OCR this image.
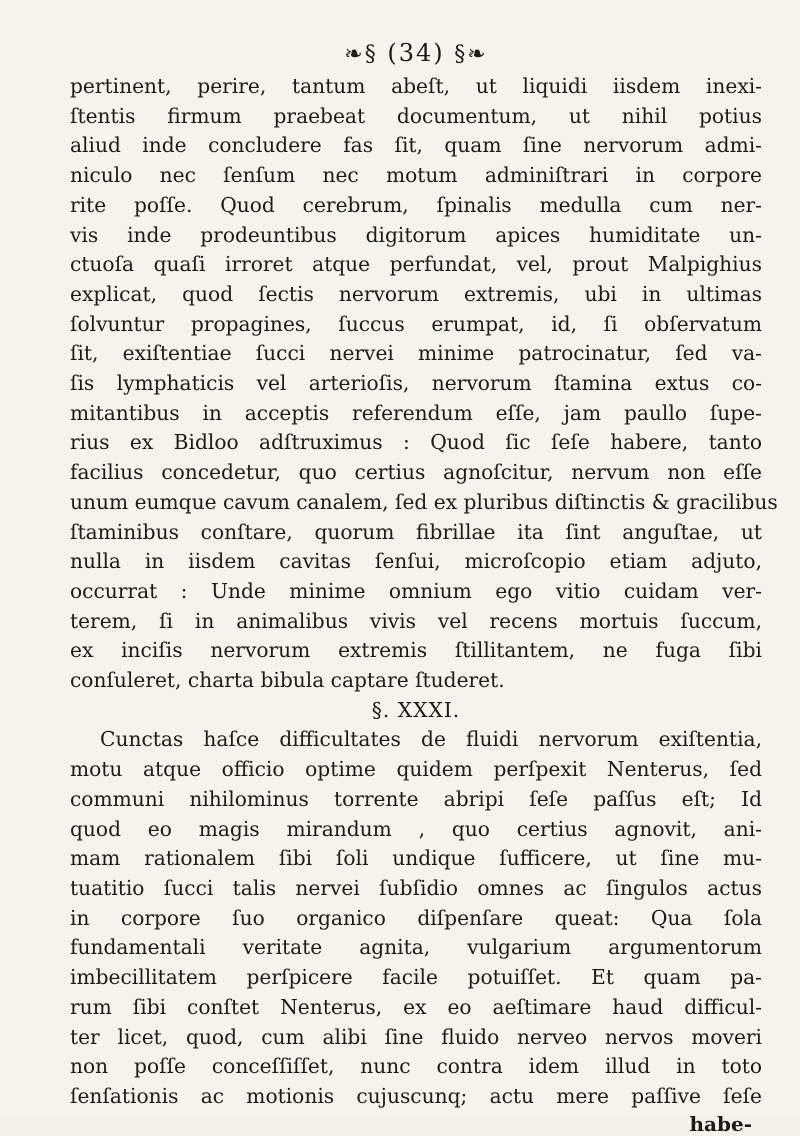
❧§ (34) §❧
pertinent, perire, tantum abeſt, ut liquidi iisdem inexi-
ſtentis firmum praebeat documentum, ut nihil potius
aliud inde concludere fas ſit, quam ſine nervorum admi-
niculo nec ſenſum nec motum adminiſtrari in corpore
rite poſſe. Quod cerebrum, ſpinalis medulla cum ner-
vis inde prodeuntibus digitorum apices humiditate un-
ctuoſa quaſi irroret atque perfundat, vel, prout Malpighius
explicat, quod ſectis nervorum extremis, ubi in ultimas
ſolvuntur propagines, ſuccus erumpat, id, ſi obſervatum
ſit, exiſtentiae ſucci nervei minime patrocinatur, ſed va-
ſis lymphaticis vel arterioſis, nervorum ſtamina extus co-
mitantibus in acceptis referendum eſſe, jam paullo ſupe-
rius ex Bidloo adſtruximus : Quod ſic ſeſe habere, tanto
facilius concedetur, quo certius agnoſcitur, nervum non eſſe
unum eumque cavum canalem, ſed ex pluribus diſtinctis & gracilibus
ſtaminibus conſtare, quorum fibrillae ita ſint anguſtae, ut
nulla in iisdem cavitas ſenſui, microſcopio etiam adjuto,
occurrat : Unde minime omnium ego vitio cuidam ver-
terem, ſi in animalibus vivis vel recens mortuis ſuccum,
ex inciſis nervorum extremis ſtillitantem, ne fuga ſibi
conſuleret, charta bibula captare ſtuderet.
§. XXXI.
Cunctas haſce difficultates de fluidi nervorum exiſtentia,
motu atque officio optime quidem perſpexit Nenterus, ſed
communi nihilominus torrente abripi ſeſe paſſus eſt; Id
quod eo magis mirandum , quo certius agnovit, ani-
mam rationalem ſibi ſoli undique ſufficere, ut ſine mu-
tuatitio ſucci talis nervei ſubſidio omnes ac ſingulos actus
in corpore ſuo organico diſpenſare queat: Qua ſola
fundamentali veritate agnita, vulgarium argumentorum
imbecillitatem perſpicere facile potuiſſet. Et quam pa-
rum ſibi conſtet Nenterus, ex eo aeſtimare haud difficul-
ter licet, quod, cum alibi ſine fluido nerveo nervos moveri
non poſſe conceſſiſſet, nunc contra idem illud in toto
ſenſationis ac motionis cujuscunq; actu mere paſſive ſeſe
habe-
